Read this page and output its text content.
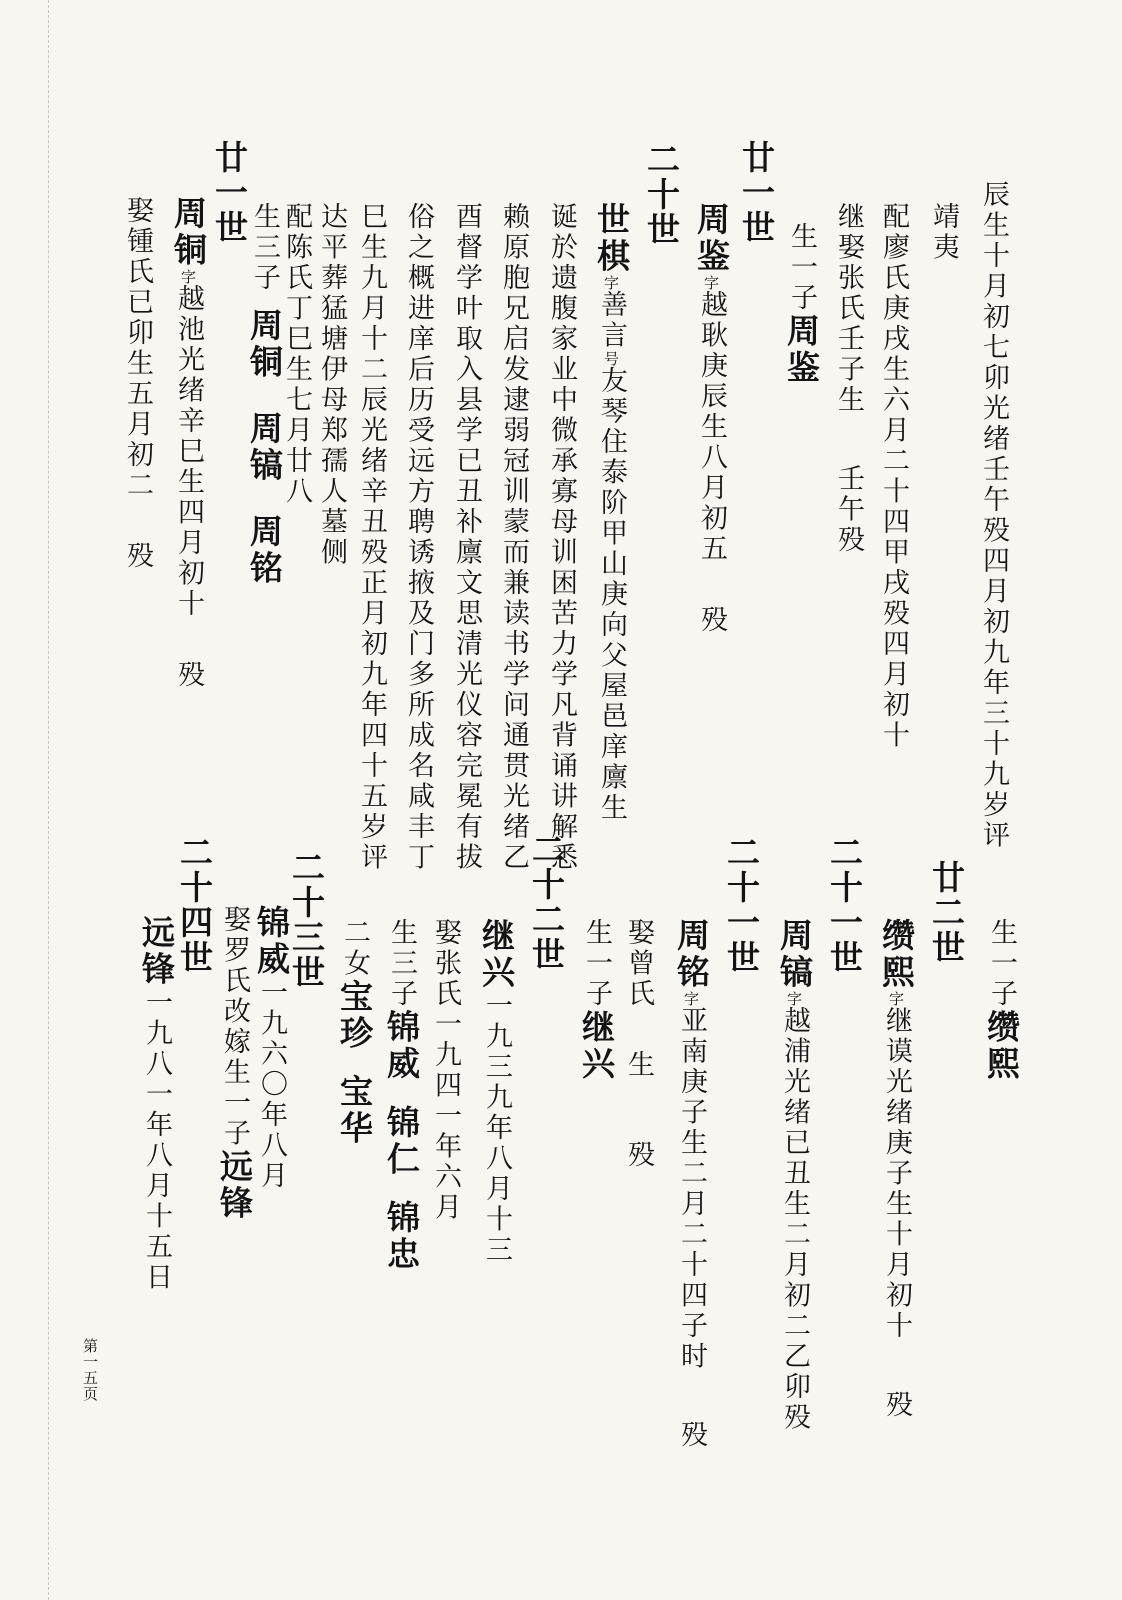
辰生十月初七卯光绪壬午殁四月初九年三十九岁评
靖夷
配廖氏庚戌生六月二十四甲戌殁四月初十
继娶张氏壬子生壬午殁
生一子周鉴
廿一世
周鉴字越耿庚辰生八月初五殁
二十世
世棋字善言号友琴住泰阶甲山庚向父屋邑庠廪生
诞於遗腹家业中微承寡母训困苦力学凡背诵讲解悉
赖原胞兄启发逮弱冠训蒙而兼读书学问通贯光绪乙
酉督学叶取入县学已丑补廪文思清光仪容完冕有拔
俗之概进庠后历受远方聘诱掖及门多所成名咸丰丁
巳生九月十二辰光绪辛丑殁正月初九年四十五岁评
达平葬猛塘伊母郑孺人墓侧
配陈氏丁巳生七月廿八
生三子周铜周镐周铭
廿一世
周铜字越池光绪辛巳生四月初十殁
娶锺氏已卯生五月初二殁
生一子缵熙
廿二世
缵熙字继谟光绪庚子生十月初十殁
二十一世
周镐字越浦光绪已丑生二月初二乙卯殁
二十一世
周铭字亚南庚子生二月二十四子时殁
娶曾氏生殁
生一子继兴
二十二世
继兴一九三九年八月十三
娶张氏一九四一年六月
生三子锦威锦仁锦忠
二女宝珍宝华
二十三世
锦威一九六〇年八月
娶罗氏改嫁生一子远锋
二十四世
远锋一九八一年八月十五日
第一五页
